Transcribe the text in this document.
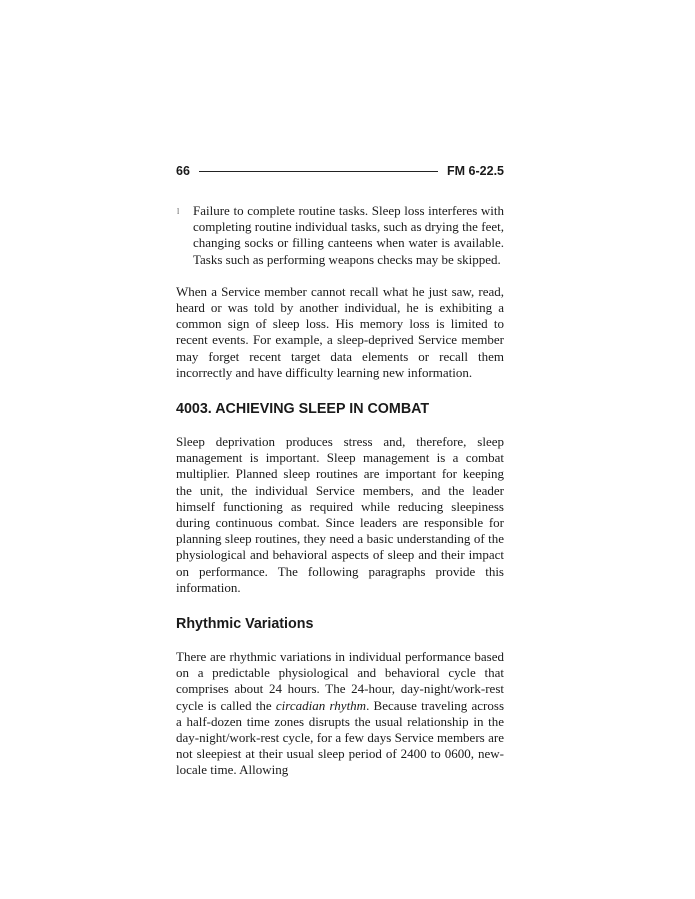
66	FM 6-22.5
l Failure to complete routine tasks. Sleep loss interferes with completing routine individual tasks, such as drying the feet, changing socks or filling canteens when water is available. Tasks such as performing weapons checks may be skipped.

When a Service member cannot recall what he just saw, read, heard or was told by another individual, he is exhibiting a common sign of sleep loss. His memory loss is limited to recent events. For example, a sleep-deprived Service member may forget recent target data elements or recall them incorrectly and have difficulty learning new information.

4003. ACHIEVING SLEEP IN COMBAT

Sleep deprivation produces stress and, therefore, sleep management is important. Sleep management is a combat multiplier. Planned sleep routines are important for keeping the unit, the individual Service members, and the leader himself functioning as required while reducing sleepiness during continuous combat. Since leaders are responsible for planning sleep routines, they need a basic understanding of the physiological and behavioral aspects of sleep and their impact on performance. The following paragraphs provide this information.

Rhythmic Variations

There are rhythmic variations in individual performance based on a predictable physiological and behavioral cycle that comprises about 24 hours. The 24-hour, day-night/work-rest cycle is called the circadian rhythm. Because traveling across a half-dozen time zones disrupts the usual relationship in the day-night/work-rest cycle, for a few days Service members are not sleepiest at their usual sleep period of 2400 to 0600, new-locale time. Allowing
